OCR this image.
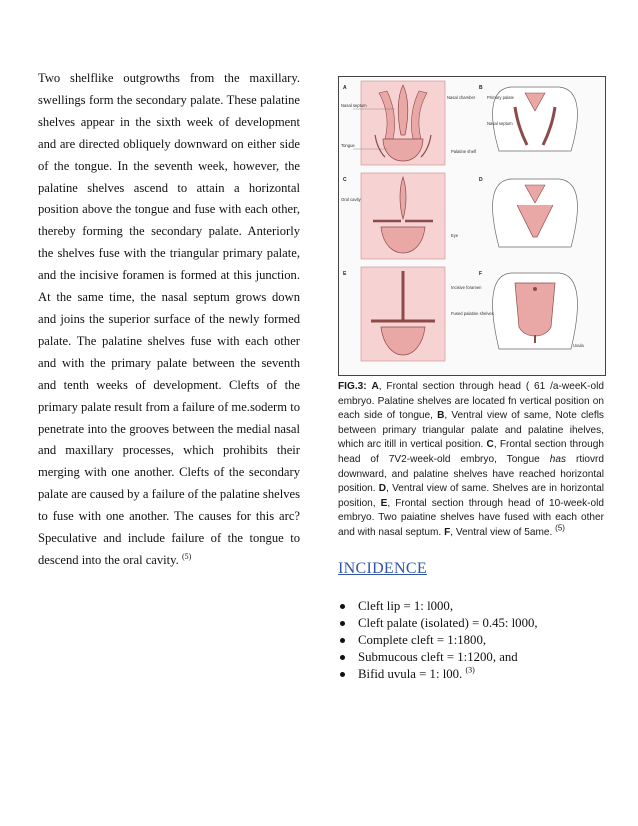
Two shelflike outgrowths from the maxillary. swellings form the secondary palate. These palatine shelves appear in the sixth week of development and are directed obliquely downward on either side of the tongue. In the seventh week, however, the palatine shelves ascend to attain a horizontal position above the tongue and fuse with each other, thereby forming the secondary palate. Anteriorly the shelves fuse with the triangular primary palate, and the incisive foramen is formed at this junction. At the same time, the nasal septum grows down and joins the superior surface of the newly formed palate. The palatine shelves fuse with each other and with the primary palate between the seventh and tenth weeks of development. Clefts of the primary palate result from a failure of me.soderm to penetrate into the grooves between the medial nasal and maxillary processes, which prohibits their merging with one another. Clefts of the secondary palate are caused by a failure of the palatine shelves to fuse with one another. The causes for this arc? Speculative and include failure of the tongue to descend into the oral cavity. $^{(5)}$
A
Nasal septum
Tongue
Nasal chamber
B
Primary palate
Nasal septum
Palatine shelf
C
Oral cavity
D
Eye
E	F
Incisive foramen
Fused palatine shelves
Uvula
FIG.3: A, Frontal section through head ( 61 /a-weeK-old embryo. Palatine shelves are located fn vertical position on each side of tongue, B, Ventral view of same, Note clefls between primary triangular palate and palatine ihelves, which arc itill in vertical position. C, Frontal section through head of 7V2-week-old embryo, Tongue has rtiovrd downward, and palatine shelves have reached horizontal position. D, Ventral view of same. Shelves are in horizontal position, E, Frontal section through head of 10-week-old embryo. Two paiatine shelves have fused with each other and with nasal septum. F, Ventral view of 5ame. $^{(5)}$
INCIDENCE
Cleft lip = 1: l000,
Cleft palate (isolated) = 0.45: l000,
Complete cleft = 1:1800,
Submucous cleft = 1:1200, and
Bifid uvula = 1: l00. $^{(3)}$
